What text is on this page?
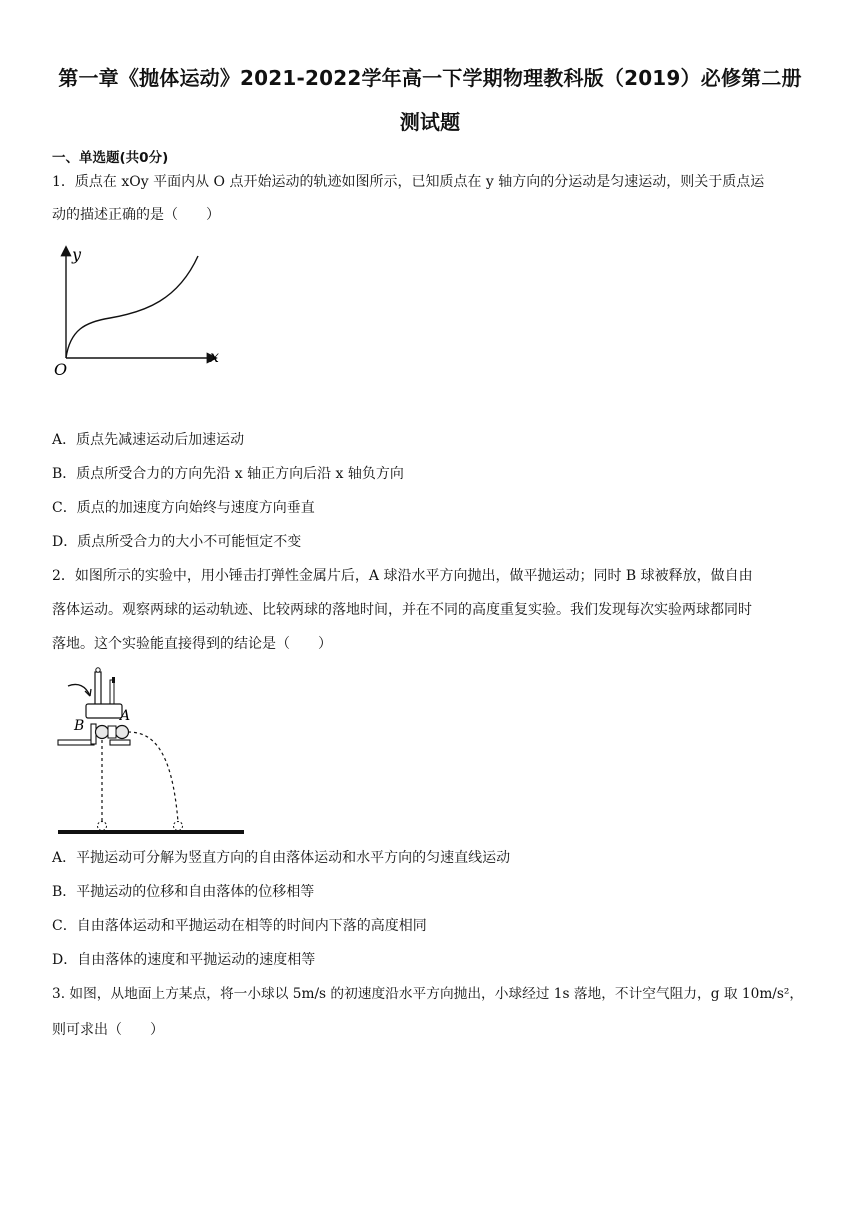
第一章《抛体运动》2021-2022学年高一下学期物理教科版（2019）必修第二册
测试题
一、单选题(共0分)
1．质点在 xOy 平面内从 O 点开始运动的轨迹如图所示，已知质点在 y 轴方向的分运动是匀速运动，则关于质点运
动的描述正确的是（　　）
y
x
O
A．质点先减速运动后加速运动
B．质点所受合力的方向先沿 x 轴正方向后沿 x 轴负方向
C．质点的加速度方向始终与速度方向垂直
D．质点所受合力的大小不可能恒定不变
2．如图所示的实验中，用小锤击打弹性金属片后，A 球沿水平方向抛出，做平抛运动；同时 B 球被释放，做自由
落体运动。观察两球的运动轨迹、比较两球的落地时间，并在不同的高度重复实验。我们发现每次实验两球都同时
落地。这个实验能直接得到的结论是（　　）
B
A
A．平抛运动可分解为竖直方向的自由落体运动和水平方向的匀速直线运动
B．平抛运动的位移和自由落体的位移相等
C．自由落体运动和平抛运动在相等的时间内下落的高度相同
D．自由落体的速度和平抛运动的速度相等
3. 如图，从地面上方某点，将一小球以 5m/s 的初速度沿水平方向抛出，小球经过 1s 落地，不计空气阻力，g 取 10m/s²，
则可求出（　　）
